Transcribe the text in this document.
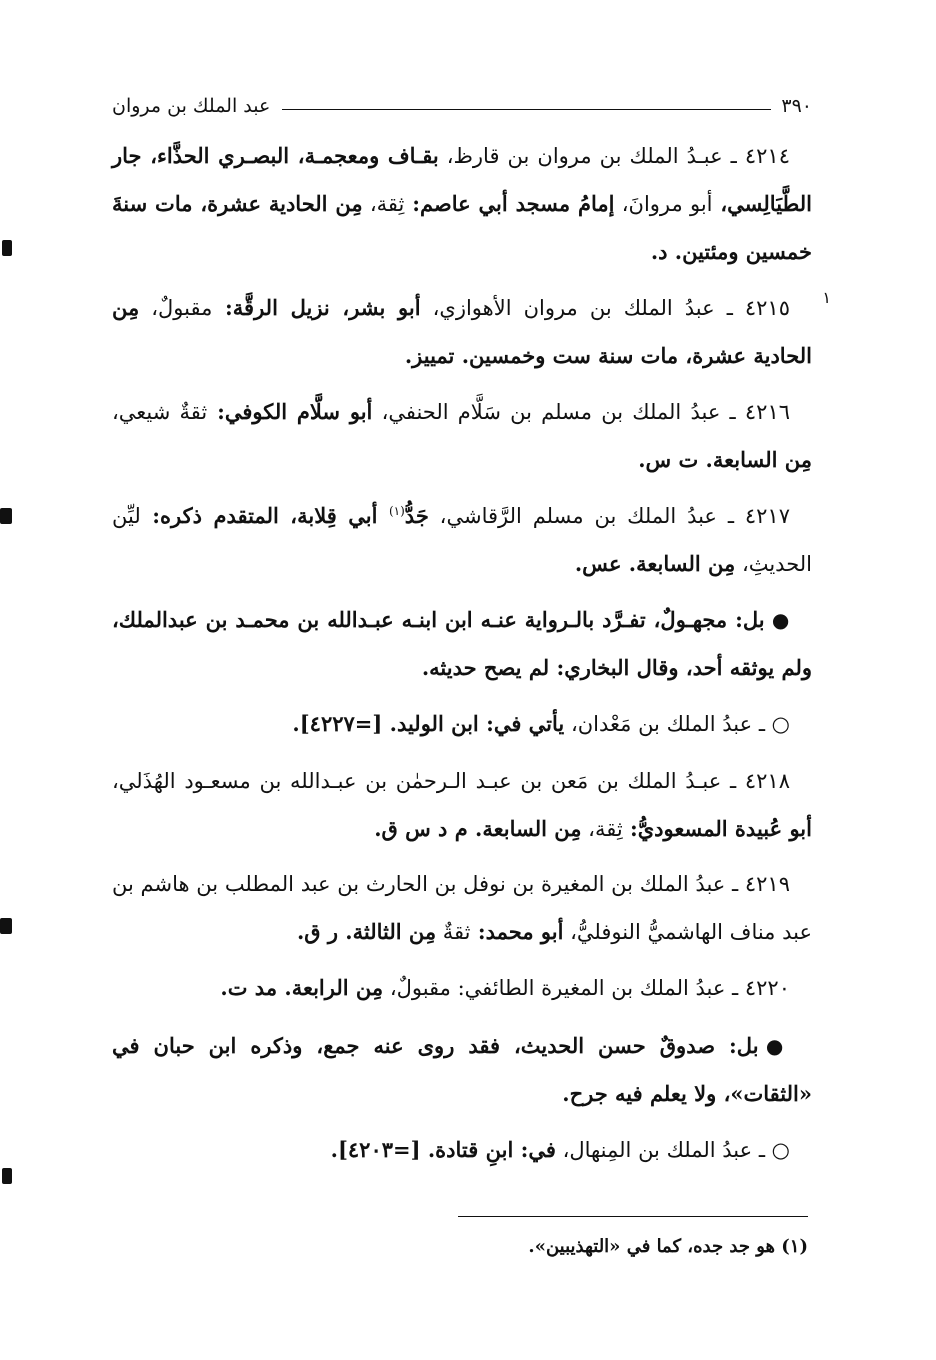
١
٣٩٠
عبد الملك بن مروان

٤٢١٤ ـ عبـدُ الملك بن مروان بن قارظ، بقـاف ومعجمـة، البصـري الحذَّاء، جار الطَّيَالِسي، أبو مروانَ، إمامُ مسجد أبي عاصم: ثِقة، مِن الحادية عشرة، مات سنةَ خمسين ومئتين. د.

٤٢١٥ ـ عبدُ الملك بن مروان الأهوازي، أبو بشر، نزيل الرقَّة: مقبولٌ، مِن الحادية عشرة، مات سنة ست وخمسين. تمييز.

٤٢١٦ ـ عبدُ الملك بن مسلم بن سَلَّام الحنفي، أبو سلَّام الكوفي: ثقةٌ شيعي، مِن السابعة. ت س.

٤٢١٧ ـ عبدُ الملك بن مسلم الرَّقاشي، جَدُّ$^{(١)}$ أبي قِلابة، المتقدم ذكره: ليِّن الحديثِ، مِن السابعة. عس.

● بل: مجهـولٌ، تفـرَّد بالـرواية عنـه ابن ابنـه عبـدالله بن محمـد بن عبدالملك، ولم يوثقه أحد، وقال البخاري: لم يصح حديثه.

○ ـ عبدُ الملك بن مَعْدان، يأتي في: ابن الوليد. [=٤٢٢٧].

٤٢١٨ ـ عبـدُ الملك بن مَعن بن عبـد الـرحمٰن بن عبـدالله بن مسعـود الهُذَلي، أبو عُبيدة المسعوديُّ: ثِقة، مِن السابعة. م د س ق.

٤٢١٩ ـ عبدُ الملك بن المغيرة بن نوفل بن الحارث بن عبد المطلب بن هاشم بن عبد مناف الهاشميُّ النوفليُّ، أبو محمد: ثقةٌ مِن الثالثة. ر ق.

٤٢٢٠ ـ عبدُ الملك بن المغيرة الطائفي: مقبولٌ، مِن الرابعة. مد ت.

● بل: صدوقٌ حسن الحديث، فقد روى عنه جمع، وذكره ابن حبان في «الثقات»، ولا يعلم فيه جرح.

○ ـ عبدُ الملك بن المِنهال، في: ابنِ قتادة. [=٤٢٠٣].

(١) هو جد جده، كما في «التهذيبين».
